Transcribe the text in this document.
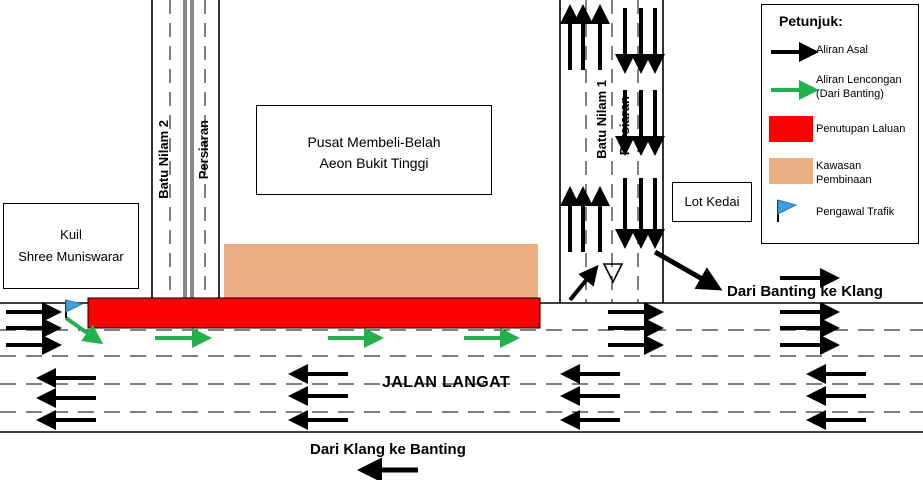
Pusat Membeli-Belah
Aeon Bukit Tinggi
Kuil
Shree Muniswarar
Lot Kedai
Batu Nilam 2 Persiaran	Batu Nilam 1 Persiaran
JALAN LANGAT
Dari Banting ke Klang
Dari Klang ke Banting
Petunjuk:
Aliran Asal
Aliran Lencongan
(Dari Banting)
Penutupan Laluan
Kawasan
Pembinaan
Pengawal Trafik
